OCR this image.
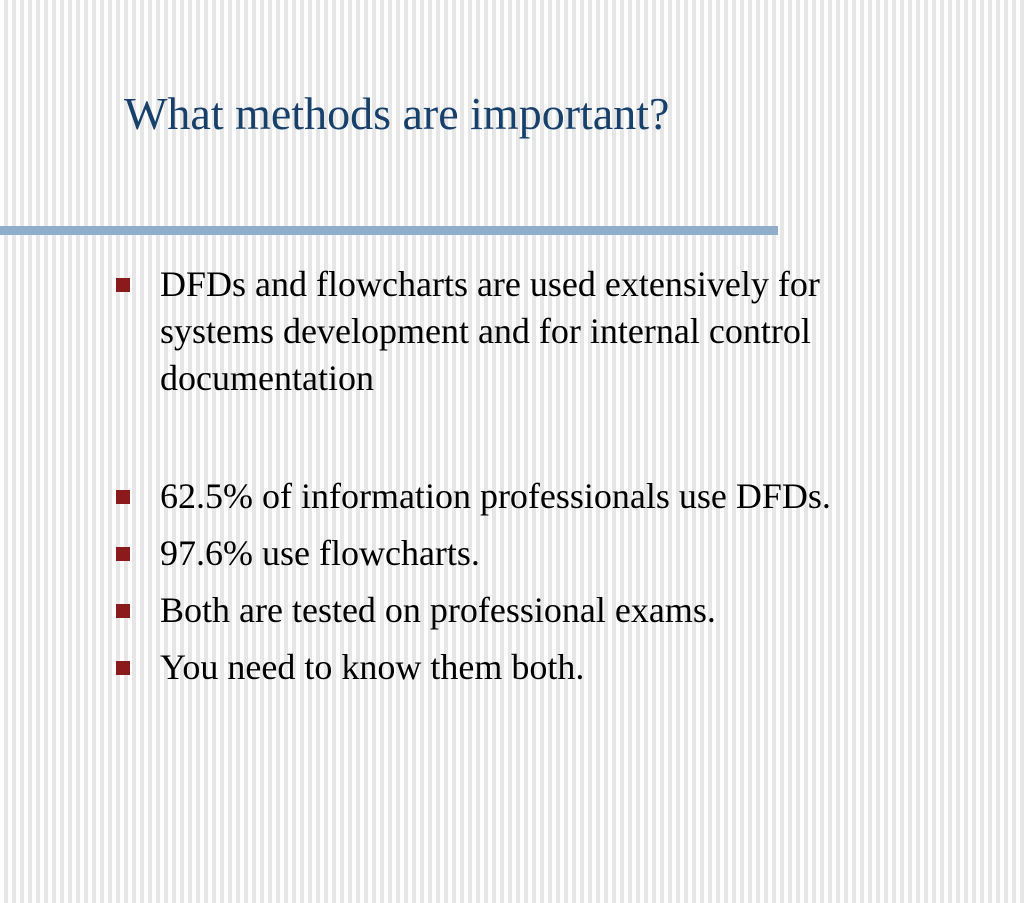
What methods are important?
DFDs and flowcharts are used extensively for
systems development and for internal control
documentation
62.5% of information professionals use DFDs.
97.6% use flowcharts.
Both are tested on professional exams.
You need to know them both.
